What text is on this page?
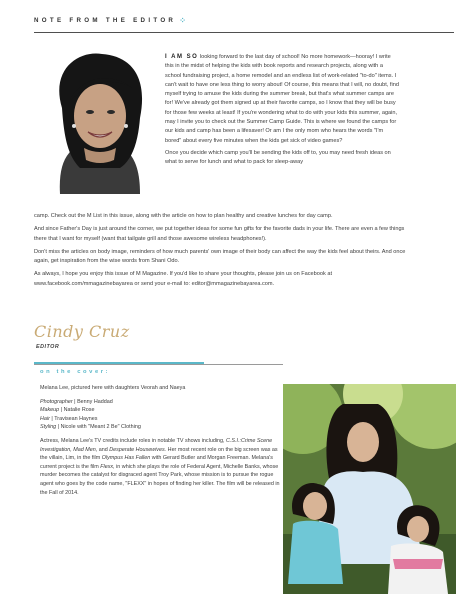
NOTE FROM THE EDITOR ⁘

I AM SO looking forward to the last day of school! No more homework—hooray! I write this in the midst of helping the kids with book reports and research projects, along with a school fundraising project, a home remodel and an endless list of work-related "to-do" items. I can't wait to have one less thing to worry about! Of course, this means that I will, no doubt, find myself trying to amuse the kids during the summer break, but that's what summer camps are for! We've already got them signed up at their favorite camps, so I know that they will be busy for those few weeks at least! If you're wondering what to do with your kids this summer, again, may I invite you to check out the Summer Camp Guide. This is where we found the camps for our kids and camp has been a lifesaver! Or am I the only mom who hears the words "I'm bored" about every five minutes when the kids get sick of video games?

Once you decide which camp you'll be sending the kids off to, you may need fresh ideas on what to serve for lunch and what to pack for sleep-away

camp. Check out the M List in this issue, along with the article on how to plan healthy and creative lunches for day camp.

And since Father's Day is just around the corner, we put together ideas for some fun gifts for the favorite dads in your life. There are even a few things there that I want for myself (want that tailgate grill and those awesome wireless headphones!).

Don't miss the articles on body image, reminders of how much parents' own image of their body can affect the way the kids feel about theirs. And once again, get inspiration from the wise words from Shani Odo.

As always, I hope you enjoy this issue of M Magazine. If you'd like to share your thoughts, please join us on Facebook at www.facebook.com/mmagazinebayarea or send your e-mail to: editor@mmagazinebayarea.com.

Cindy Cruz
EDITOR
on the cover:

Melana Lee, pictured here with daughters Veorah and Naeya

Photographer | Benny Haddad
Makeup | Natalie Rose
Hair | Travisean Haynes
Styling | Nicole with "Meant 2 Be" Clothing

Actress, Melana Lee's TV credits include roles in notable TV shows including, C.S.I.:Crime Scene Investigation, Mad Men, and Desperate Housewives. Her most recent role on the big screen was as the villain, Lim, in the film Olympus Has Fallen with Gerard Butler and Morgan Freeman. Melana's current project is the film Flexx, in which she plays the role of Federal Agent, Michelle Banks, whose murder becomes the catalyst for disgraced agent Troy Park, whose mission is to pursue the rogue agent who goes by the code name, "FLEXX" in hopes of finding her killer. The film will be released in the Fall of 2014.
